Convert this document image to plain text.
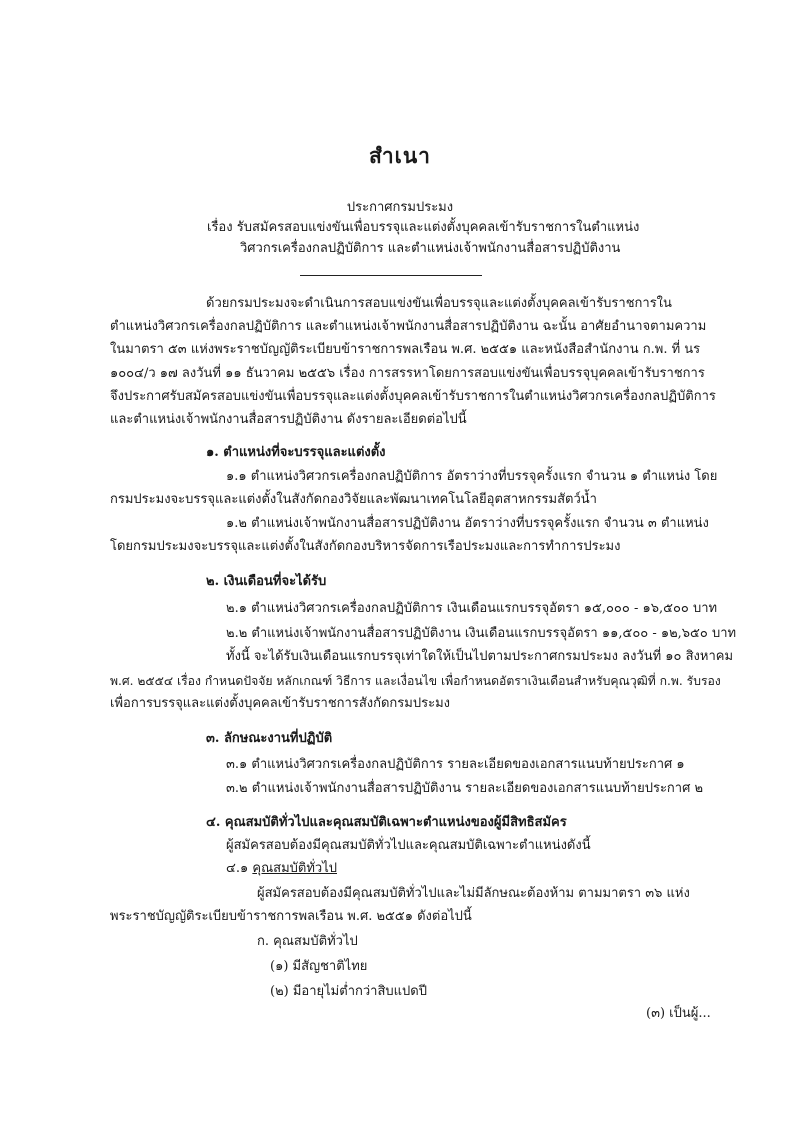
สำเนา
ประกาศกรมประมง
เรื่อง รับสมัครสอบแข่งขันเพื่อบรรจุและแต่งตั้งบุคคลเข้ารับราชการในตำแหน่ง
วิศวกรเครื่องกลปฏิบัติการ และตำแหน่งเจ้าพนักงานสื่อสารปฏิบัติงาน
ด้วยกรมประมงจะดำเนินการสอบแข่งขันเพื่อบรรจุและแต่งตั้งบุคคลเข้ารับราชการใน
ตำแหน่งวิศวกรเครื่องกลปฏิบัติการ และตำแหน่งเจ้าพนักงานสื่อสารปฏิบัติงาน ฉะนั้น อาศัยอำนาจตามความ
ในมาตรา ๕๓ แห่งพระราชบัญญัติระเบียบข้าราชการพลเรือน พ.ศ. ๒๕๕๑ และหนังสือสำนักงาน ก.พ. ที่ นร
๑๐๐๔/ว ๑๗ ลงวันที่ ๑๑ ธันวาคม ๒๕๕๖ เรื่อง การสรรหาโดยการสอบแข่งขันเพื่อบรรจุบุคคลเข้ารับราชการ
จึงประกาศรับสมัครสอบแข่งขันเพื่อบรรจุและแต่งตั้งบุคคลเข้ารับราชการในตำแหน่งวิศวกรเครื่องกลปฏิบัติการ
และตำแหน่งเจ้าพนักงานสื่อสารปฏิบัติงาน ดังรายละเอียดต่อไปนี้
๑. ตำแหน่งที่จะบรรจุและแต่งตั้ง
๑.๑ ตำแหน่งวิศวกรเครื่องกลปฏิบัติการ อัตราว่างที่บรรจุครั้งแรก จำนวน ๑ ตำแหน่ง โดย
กรมประมงจะบรรจุและแต่งตั้งในสังกัดกองวิจัยและพัฒนาเทคโนโลยีอุตสาหกรรมสัตว์น้ำ
๑.๒ ตำแหน่งเจ้าพนักงานสื่อสารปฏิบัติงาน อัตราว่างที่บรรจุครั้งแรก จำนวน ๓ ตำแหน่ง
โดยกรมประมงจะบรรจุและแต่งตั้งในสังกัดกองบริหารจัดการเรือประมงและการทำการประมง
๒. เงินเดือนที่จะได้รับ
๒.๑ ตำแหน่งวิศวกรเครื่องกลปฏิบัติการ เงินเดือนแรกบรรจุอัตรา ๑๕,๐๐๐ - ๑๖,๕๐๐ บาท
๒.๒ ตำแหน่งเจ้าพนักงานสื่อสารปฏิบัติงาน เงินเดือนแรกบรรจุอัตรา ๑๑,๕๐๐ - ๑๒,๖๕๐ บาท
ทั้งนี้ จะได้รับเงินเดือนแรกบรรจุเท่าใดให้เป็นไปตามประกาศกรมประมง ลงวันที่ ๑๐ สิงหาคม
พ.ศ. ๒๕๕๔ เรื่อง กำหนดปัจจัย หลักเกณฑ์ วิธีการ และเงื่อนไข เพื่อกำหนดอัตราเงินเดือนสำหรับคุณวุฒิที่ ก.พ. รับรอง
เพื่อการบรรจุและแต่งตั้งบุคคลเข้ารับราชการสังกัดกรมประมง
๓. ลักษณะงานที่ปฏิบัติ
๓.๑ ตำแหน่งวิศวกรเครื่องกลปฏิบัติการ รายละเอียดของเอกสารแนบท้ายประกาศ ๑
๓.๒ ตำแหน่งเจ้าพนักงานสื่อสารปฏิบัติงาน รายละเอียดของเอกสารแนบท้ายประกาศ ๒
๔. คุณสมบัติทั่วไปและคุณสมบัติเฉพาะตำแหน่งของผู้มีสิทธิสมัคร
ผู้สมัครสอบต้องมีคุณสมบัติทั่วไปและคุณสมบัติเฉพาะตำแหน่งดังนี้
๔.๑ คุณสมบัติทั่วไป
ผู้สมัครสอบต้องมีคุณสมบัติทั่วไปและไม่มีลักษณะต้องห้าม ตามมาตรา ๓๖ แห่ง
พระราชบัญญัติระเบียบข้าราชการพลเรือน พ.ศ. ๒๕๕๑ ดังต่อไปนี้
ก. คุณสมบัติทั่วไป
(๑) มีสัญชาติไทย
(๒) มีอายุไม่ต่ำกว่าสิบแปดปี
(๓) เป็นผู้...
